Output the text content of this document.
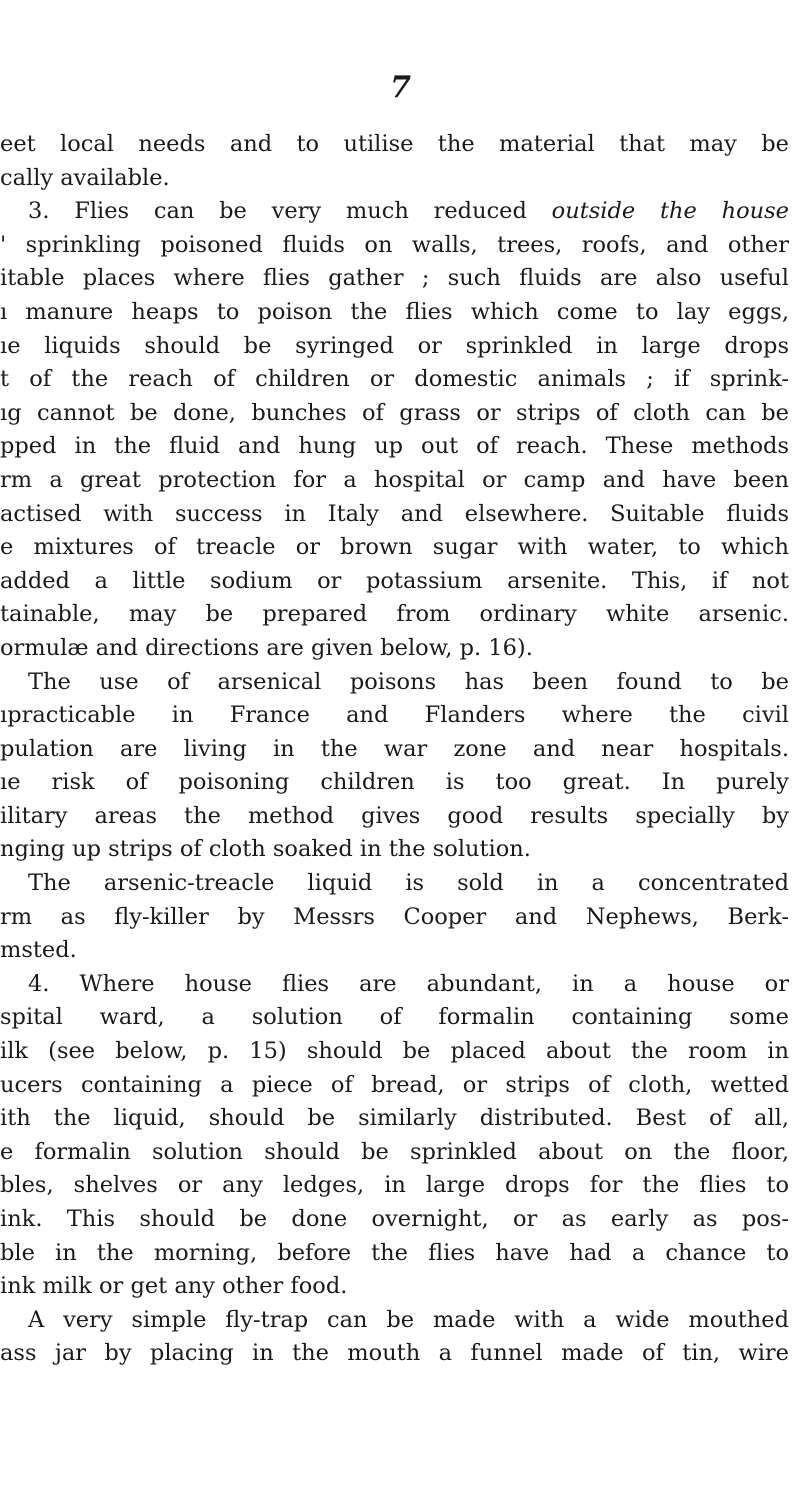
7
eet local needs and to utilise the material that may be
cally available.
3. Flies can be very much reduced outside the house
' sprinkling poisoned fluids on walls, trees, roofs, and other
itable places where flies gather ; such fluids are also useful
ı manure heaps to poison the flies which come to lay eggs,
ıe liquids should be syringed or sprinkled in large drops
t of the reach of children or domestic animals ; if sprink-
ıg cannot be done, bunches of grass or strips of cloth can be
pped in the fluid and hung up out of reach. These methods
rm a great protection for a hospital or camp and have been
actised with success in Italy and elsewhere. Suitable fluids
e mixtures of treacle or brown sugar with water, to which
added a little sodium or potassium arsenite. This, if not
tainable, may be prepared from ordinary white arsenic.
ormulæ and directions are given below, p. 16).
The use of arsenical poisons has been found to be
ıpracticable in France and Flanders where the civil
pulation are living in the war zone and near hospitals.
ıe risk of poisoning children is too great. In purely
ilitary areas the method gives good results specially by
nging up strips of cloth soaked in the solution.
The arsenic-treacle liquid is sold in a concentrated
rm as fly-killer by Messrs Cooper and Nephews, Berk-
msted.
4. Where house flies are abundant, in a house or
spital ward, a solution of formalin containing some
ilk (see below, p. 15) should be placed about the room in
ucers containing a piece of bread, or strips of cloth, wetted
ith the liquid, should be similarly distributed. Best of all,
e formalin solution should be sprinkled about on the floor,
bles, shelves or any ledges, in large drops for the flies to
ink. This should be done overnight, or as early as pos-
ble in the morning, before the flies have had a chance to
ink milk or get any other food.
A very simple fly-trap can be made with a wide mouthed
ass jar by placing in the mouth a funnel made of tin, wire
